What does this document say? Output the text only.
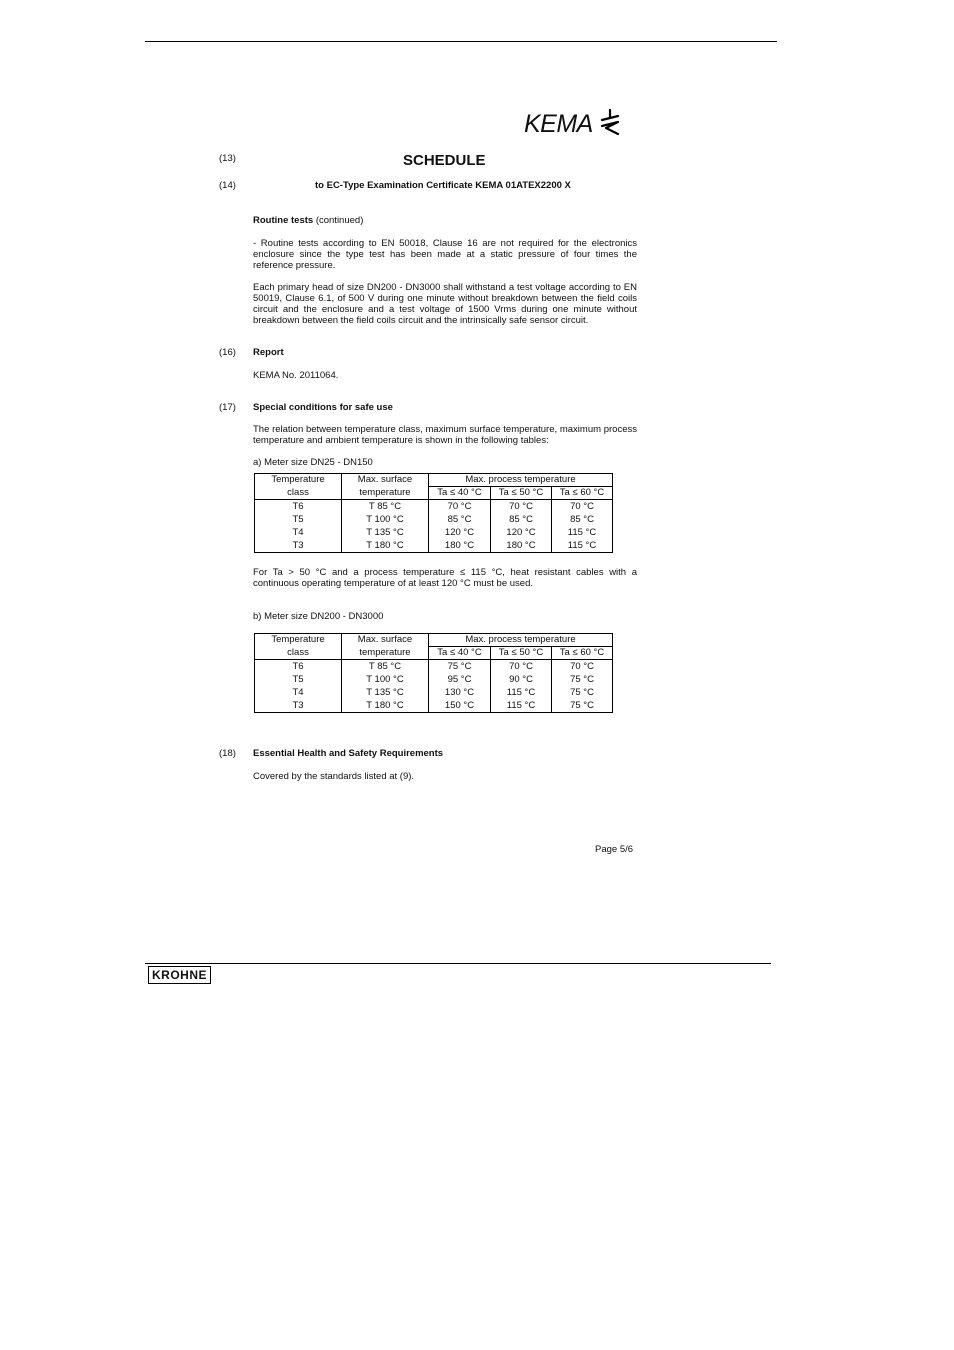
KEMA
(13)	SCHEDULE
(14)	to EC-Type Examination Certificate KEMA 01ATEX2200 X
Routine tests (continued)
- Routine tests according to EN 50018, Clause 16 are not required for the electronics enclosure since the type test has been made at a static pressure of four times the reference pressure.
Each primary head of size DN200 - DN3000 shall withstand a test voltage according to EN 50019, Clause 6.1, of 500 V during one minute without breakdown between the field coils circuit and the enclosure and a test voltage of 1500 Vrms during one minute without breakdown between the field coils circuit and the intrinsically safe sensor circuit.
(16) Report
KEMA No. 2011064.
(17) Special conditions for safe use
The relation between temperature class, maximum surface temperature, maximum process temperature and ambient temperature is shown in the following tables:
a) Meter size DN25 - DN150
Temperature	Max. surface	Max. process temperature		
class	temperature	Ta ≤ 40 °C	Ta ≤ 50 °C	Ta ≤ 60 °C
T6	T 85 °C	70 °C	70 °C	70 °C
T5	T 100 °C	85 °C	85 °C	85 °C
T4	T 135 °C	120 °C	120 °C	115 °C
T3	T 180 °C	180 °C	180 °C	115 °C
For Ta > 50 °C and a process temperature ≤ 115 °C, heat resistant cables with a continuous operating temperature of at least 120 °C must be used.
b) Meter size DN200 - DN3000
Temperature	Max. surface	Max. process temperature		
class	temperature	Ta ≤ 40 °C	Ta ≤ 50 °C	Ta ≤ 60 °C
T6	T 85 °C	75 °C	70 °C	70 °C
T5	T 100 °C	95 °C	90 °C	75 °C
T4	T 135 °C	130 °C	115 °C	75 °C
T3	T 180 °C	150 °C	115 °C	75 °C
(18) Essential Health and Safety Requirements
Covered by the standards listed at (9).
Page 5/6
KROHNE
